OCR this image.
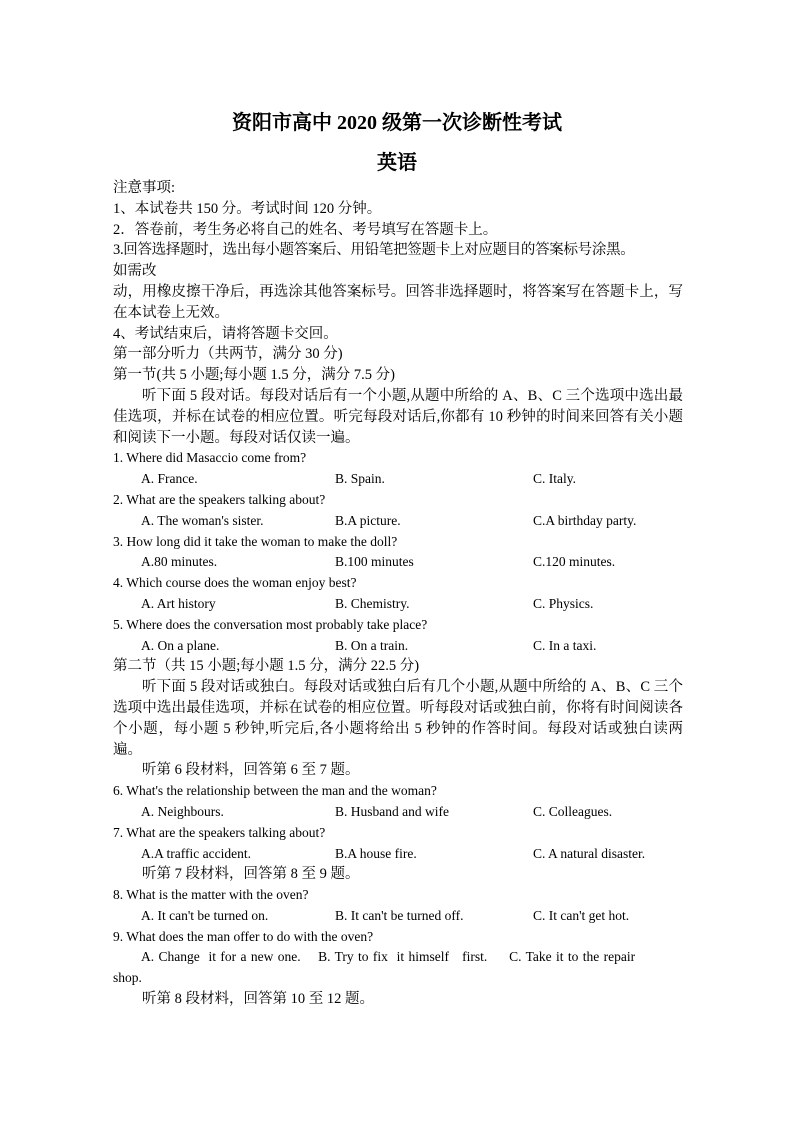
资阳市高中 2020 级第一次诊断性考试
英语
注意事项:
1、本试卷共 150 分。考试时间 120 分钟。
2．答卷前，考生务必将自己的姓名、考号填写在答题卡上。
3.回答选择题时，选出每小题答案后、用铅笔把签题卡上对应题目的答案标号涂黑。
如需改
动，用橡皮擦干净后，再选涂其他答案标号。回答非选择题时，将答案写在答题卡上，写在本试卷上无效。
4、考试结束后，请将答题卡交回。
第一部分听力（共两节，满分 30 分)
第一节(共 5 小题;每小题 1.5 分，满分 7.5 分)
听下面 5 段对话。每段对话后有一个小题,从题中所给的 A、B、C 三个选项中选出最佳选项，并标在试卷的相应位置。听完每段对话后,你都有 10 秒钟的时间来回答有关小题和阅读下一小题。每段对话仅读一遍。
1. Where did Masaccio come from?
A. France.	B. Spain.	C. Italy.
2. What are the speakers talking about?
A. The woman's sister.	B.A picture.	C.A birthday party.
3. How long did it take the woman to make the doll?
A.80 minutes.	B.100 minutes	C.120 minutes.
4. Which course does the woman enjoy best?
A. Art history	B. Chemistry.	C. Physics.
5. Where does the conversation most probably take place?
A. On a plane.	B. On a train.	C. In a taxi.
第二节（共 15 小题;每小题 1.5 分，满分 22.5 分)
听下面 5 段对话或独白。每段对话或独白后有几个小题,从题中所给的 A、B、C 三个选项中选出最佳选项，并标在试卷的相应位置。听每段对话或独白前，你将有时间阅读各个小题，每小题 5 秒钟,听完后,各小题将给出 5 秒钟的作答时间。每段对话或独白读两遍。
听第 6 段材料，回答第 6 至 7 题。
6. What's the relationship between the man and the woman?
A. Neighbours.	B. Husband and wife	C. Colleagues.
7. What are the speakers talking about?
A.A traffic accident.	B.A house fire.	C. A natural disaster.
听第 7 段材料，回答第 8 至 9 题。
8. What is the matter with the oven?
A. It can't be turned on.	B. It can't be turned off.	C. It can't get hot.
9. What does the man offer to do with the oven?
A. Change  it for a new one.    B. Try to fix  it himself   first.     C. Take it to the repair
shop.
听第 8 段材料，回答第 10 至 12 题。
